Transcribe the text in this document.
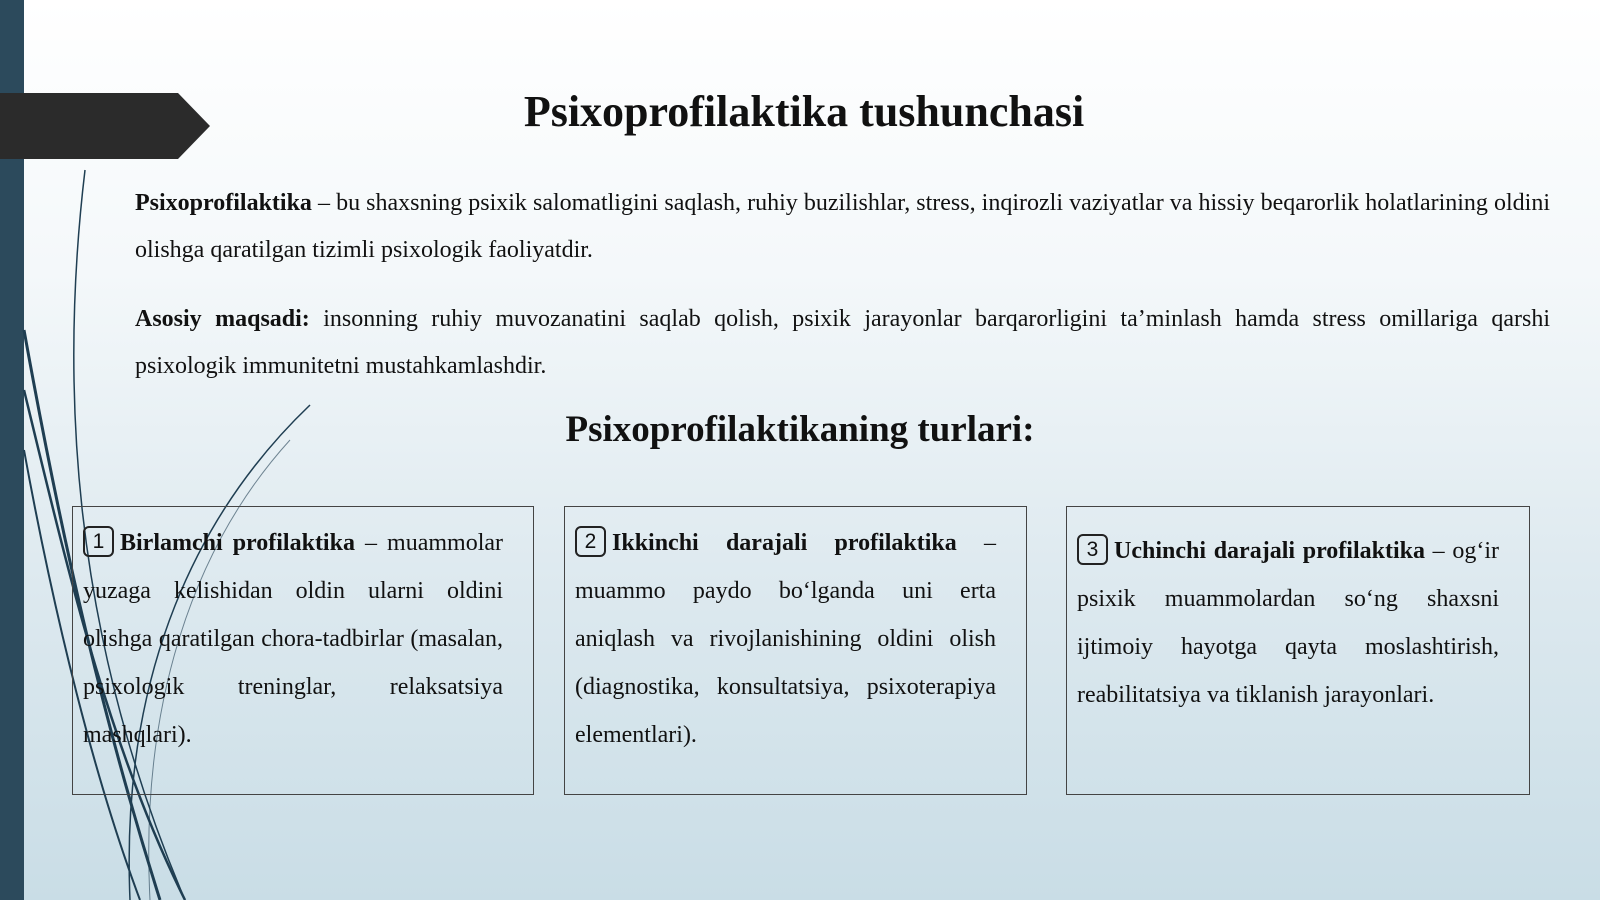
Psixoprofilaktika tushunchasi

Psixoprofilaktika – bu shaxsning psixik salomatligini saqlash, ruhiy buzilishlar, stress, inqirozli vaziyatlar va hissiy beqarorlik holatlarining oldini olishga qaratilgan tizimli psixologik faoliyatdir.

Asosiy maqsadi: insonning ruhiy muvozanatini saqlab qolish, psixik jarayonlar barqarorligini ta’minlash hamda stress omillariga qarshi psixologik immunitetni mustahkamlashdir.

Psixoprofilaktikaning turlari:

1 Birlamchi profilaktika – muammolar yuzaga kelishidan oldin ularni oldini olishga qaratilgan chora-tadbirlar (masalan, psixologik treninglar, relaksatsiya mashqlari).

2 Ikkinchi darajali profilaktika – muammo paydo bo‘lganda uni erta aniqlash va rivojlanishining oldini olish (diagnostika, konsultatsiya, psixoterapiya elementlari).

3 Uchinchi darajali profilaktika – og‘ir psixik muammolardan so‘ng shaxsni ijtimoiy hayotga qayta moslashtirish, reabilitatsiya va tiklanish jarayonlari.
